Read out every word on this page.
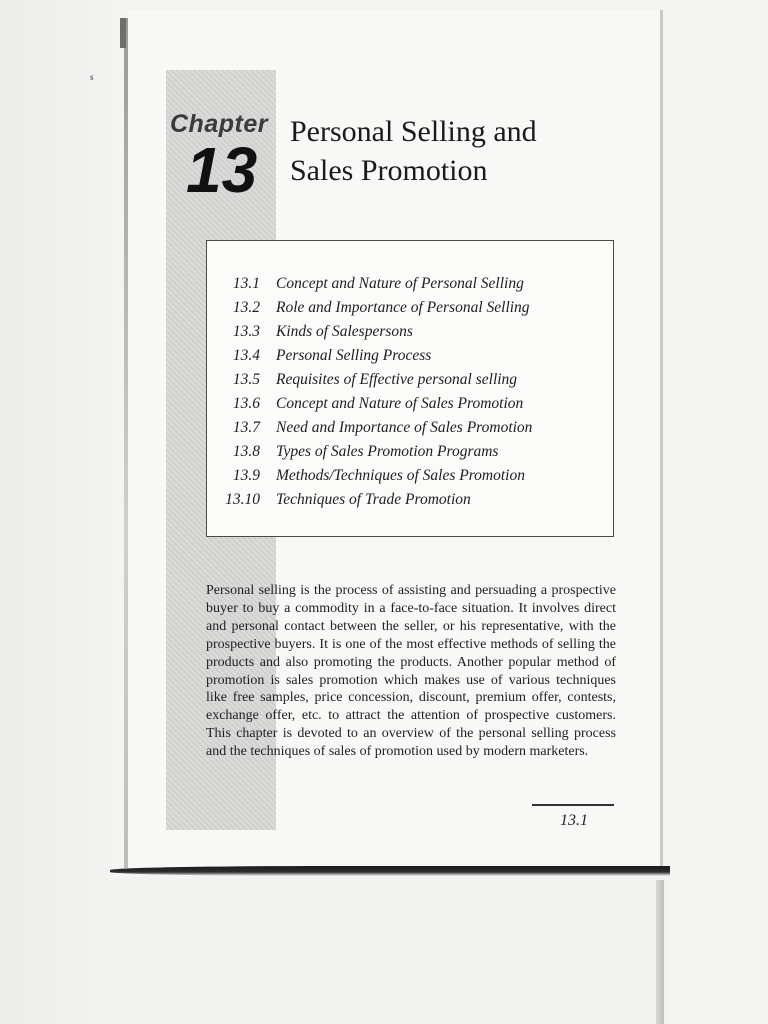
s
Chapter
13
Personal Selling and
Sales Promotion
13.1	Concept and Nature of Personal Selling
13.2	Role and Importance of Personal Selling
13.3	Kinds of Salespersons
13.4	Personal Selling Process
13.5	Requisites of Effective personal selling
13.6	Concept and Nature of Sales Promotion
13.7	Need and Importance of Sales Promotion
13.8	Types of Sales Promotion Programs
13.9	Methods/Techniques of Sales Promotion
13.10	Techniques of Trade Promotion

Personal selling is the process of assisting and persuading a prospective buyer to buy a commodity in a face-to-face situation. It involves direct and personal contact between the seller, or his representative, with the prospective buyers. It is one of the most effective methods of selling the products and also promoting the products. Another popular method of promotion is sales promotion which makes use of various techniques like free samples, price concession, discount, premium offer, contests, exchange offer, etc. to attract the attention of prospective customers. This chapter is devoted to an overview of the personal selling process and the techniques of sales of promotion used by modern marketers.

13.1
